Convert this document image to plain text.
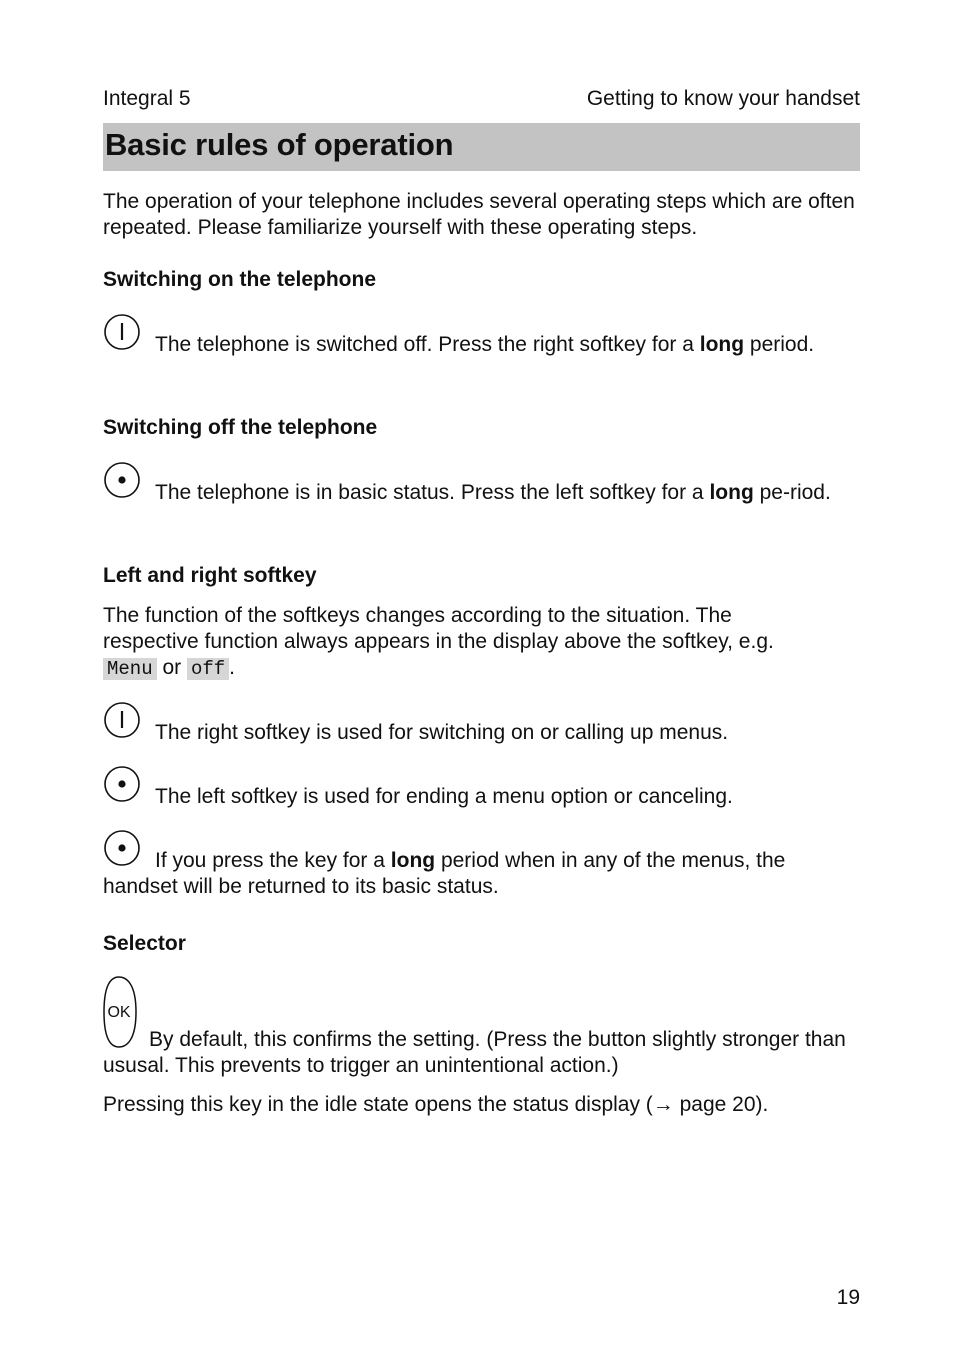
Integral 5	Getting to know your handset
Basic rules of operation
The operation of your telephone includes several operating steps which are often repeated. Please familiarize yourself with these operating steps.
Switching on the telephone
The telephone is switched off. Press the right softkey for a long period.
Switching off the telephone
The telephone is in basic status. Press the left softkey for a long pe-riod.
Left and right softkey
The function of the softkeys changes according to the situation. The respective function always appears in the display above the softkey, e.g. Menu or off .
The right softkey is used for switching on or calling up menus.
The left softkey is used for ending a menu option or canceling.
If you press the key for a long period when in any of the menus, the handset will be returned to its basic status.
Selector
OK
By default, this confirms the setting. (Press the button slightly stronger than ususal. This prevents to trigger an unintentional action.)
Pressing this key in the idle state opens the status display (→ page 20).
19
